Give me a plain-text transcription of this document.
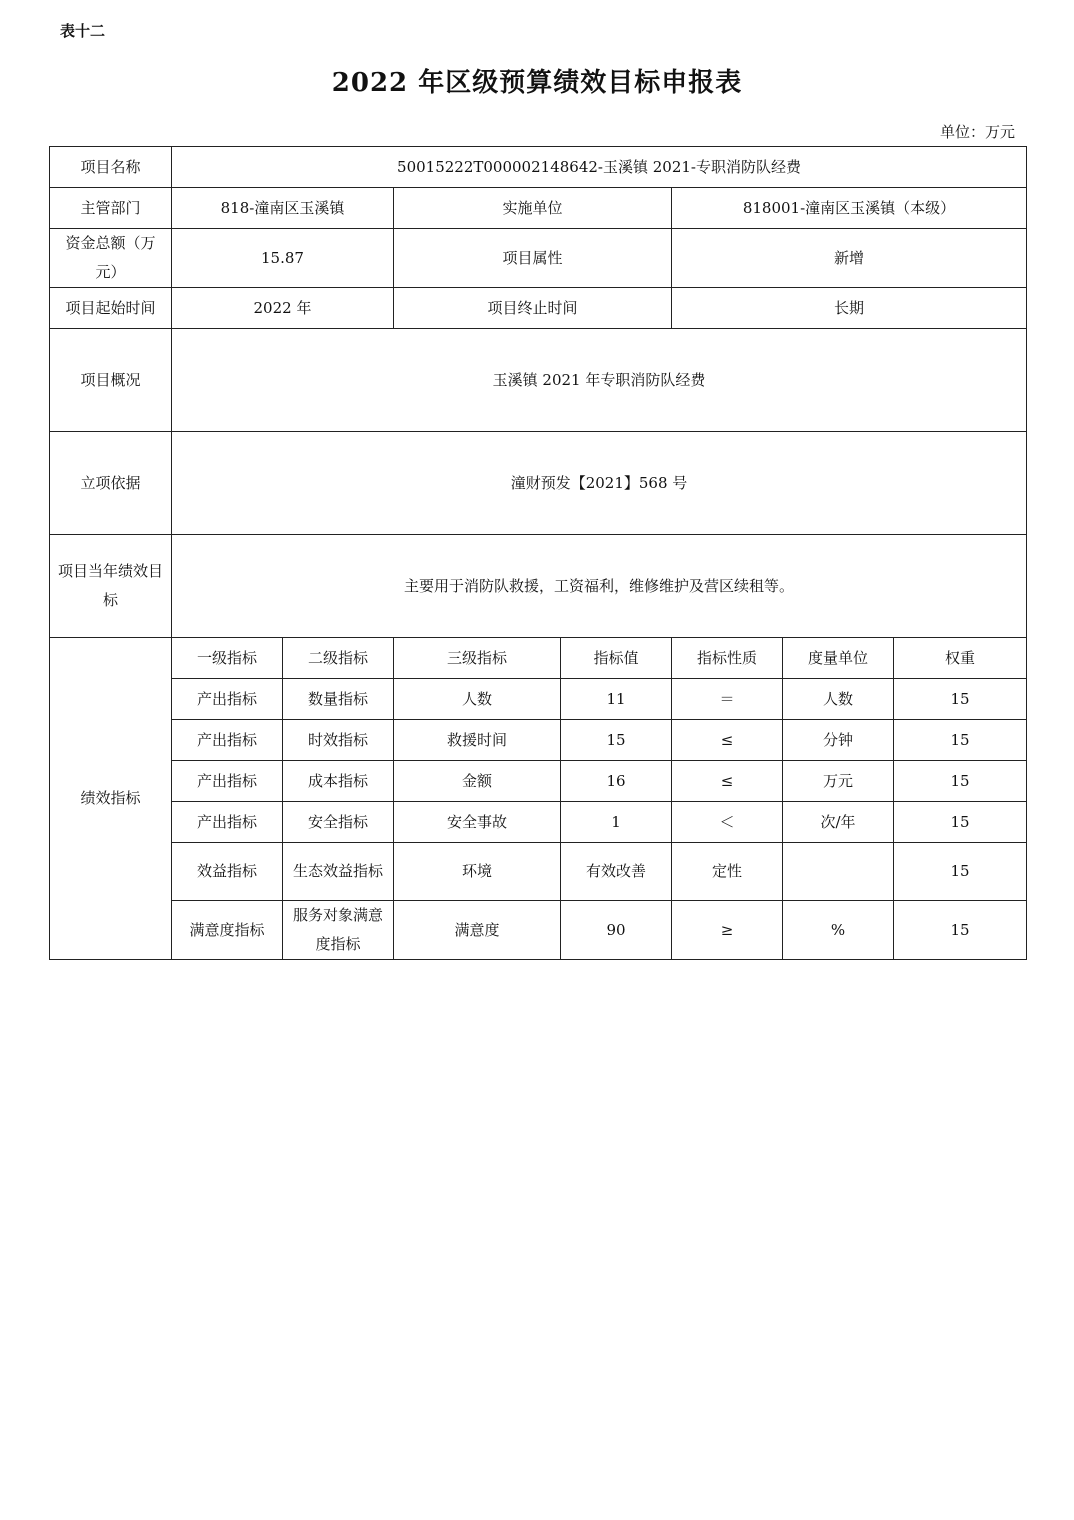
表十二
2022 年区级预算绩效目标申报表
单位：万元
项目名称	50015222T000002148642-玉溪镇 2021-专职消防队经费						
主管部门	818-潼南区玉溪镇		实施单位		818001-潼南区玉溪镇（本级）		
资金总额（万元）	15.87		项目属性		新增		
项目起始时间	2022 年		项目终止时间		长期		
项目概况	玉溪镇 2021 年专职消防队经费						
立项依据	潼财预发【2021】568 号						
项目当年绩效目标	主要用于消防队救援，工资福利，维修维护及营区续租等。						
绩效指标	一级指标	二级指标	三级指标	指标值	指标性质	度量单位	权重
	产出指标	数量指标	人数	11	＝	人数	15
	产出指标	时效指标	救援时间	15	≤	分钟	15
	产出指标	成本指标	金额	16	≤	万元	15
	产出指标	安全指标	安全事故	1	＜	次/年	15
	效益指标	生态效益指标	环境	有效改善	定性		15
	满意度指标	服务对象满意度指标	满意度	90	≥	%	15
